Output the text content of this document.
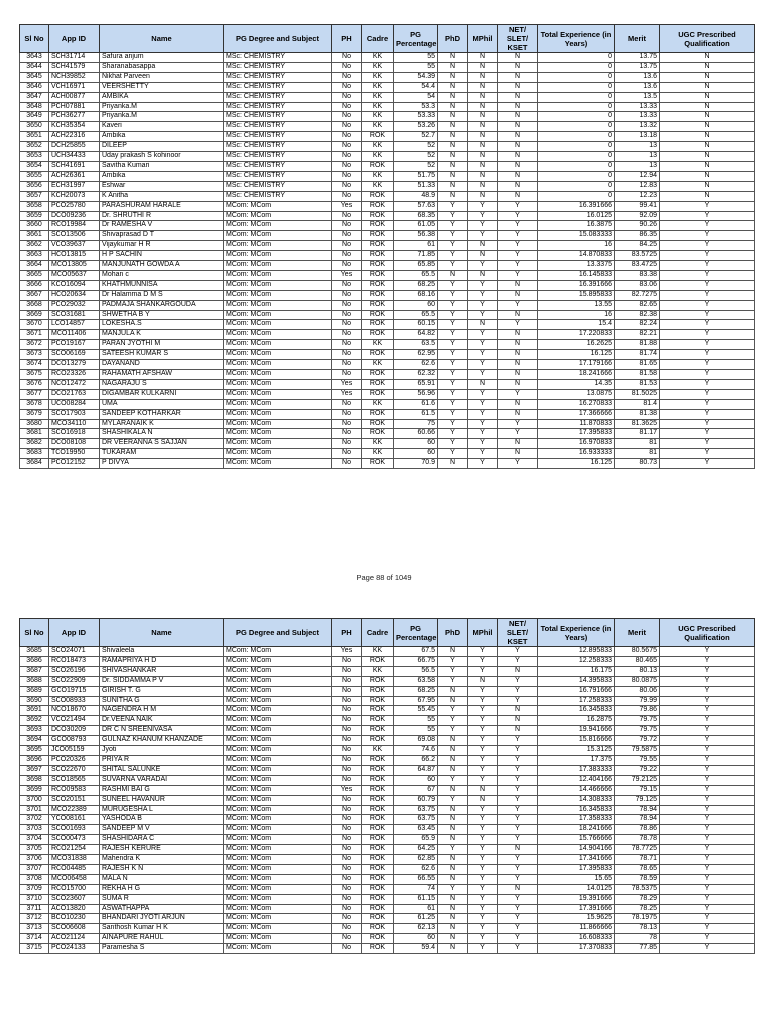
Sl No	App ID	Name	PG Degree and Subject	PH	Cadre	PG Percentage	PhD	MPhil	NET/ SLET/ KSET	Total Experience (in Years)	Merit	UGC Prescribed Qualification
3643	SCH31714	Safura anjum	MSc: CHEMISTRY	No	KK	55	N	N	N	0	13.75	N
3644	SCH41579	Sharanabasappa	MSc: CHEMISTRY	No	KK	55	N	N	N	0	13.75	N
3645	NCH39852	Nikhat Parveen	MSc: CHEMISTRY	No	KK	54.39	N	N	N	0	13.6	N
3646	VCH16971	VEERSHETTY	MSc: CHEMISTRY	No	KK	54.4	N	N	N	0	13.6	N
3647	ACH00877	AMBIKA	MSc: CHEMISTRY	No	KK	54	N	N	N	0	13.5	N
3648	PCH07881	Priyanka.M	MSc: CHEMISTRY	No	KK	53.3	N	N	N	0	13.33	N
3649	PCH36277	Priyanka.M	MSc: CHEMISTRY	No	KK	53.33	N	N	N	0	13.33	N
3650	KCH35354	Kaveri	MSc: CHEMISTRY	No	KK	53.26	N	N	N	0	13.32	N
3651	ACH22316	Ambika	MSc: CHEMISTRY	No	ROK	52.7	N	N	N	0	13.18	N
3652	DCH25855	DILEEP	MSc: CHEMISTRY	No	KK	52	N	N	N	0	13	N
3653	UCH34433	Uday prakash S kohinoor	MSc: CHEMISTRY	No	KK	52	N	N	N	0	13	N
3654	SCH41691	Savitha Kumari	MSc: CHEMISTRY	No	ROK	52	N	N	N	0	13	N
3655	ACH26361	Ambika	MSc: CHEMISTRY	No	KK	51.75	N	N	N	0	12.94	N
3656	ECH31997	Eshwar	MSc: CHEMISTRY	No	KK	51.33	N	N	N	0	12.83	N
3657	KCH20073	K Anitha	MSc: CHEMISTRY	No	ROK	48.9	N	N	N	0	12.23	N
3658	PCO25780	PARASHURAM HARALE	MCom: MCom	Yes	ROK	57.63	Y	Y	Y	16.391666	99.41	Y
3659	DCO09236	Dr. SHRUTHI R	MCom: MCom	No	ROK	68.35	Y	Y	Y	16.0125	92.09	Y
3660	RCO19984	Dr RAMESHA V	MCom: MCom	No	ROK	61.05	Y	Y	Y	16.3875	90.26	Y
3661	SCO13506	Shivaprasad D T	MCom: MCom	No	ROK	56.38	Y	Y	Y	15.083333	86.35	Y
3662	VCO39637	Vijaykumar H R	MCom: MCom	No	ROK	61	Y	N	Y	16	84.25	Y
3663	HCO13815	H P SACHIN	MCom: MCom	No	ROK	71.85	Y	N	Y	14.870833	83.5725	Y
3664	MCO13805	MANJUNATH GOWDA A	MCom: MCom	No	ROK	65.85	Y	Y	Y	13.3375	83.4725	Y
3665	MCO05637	Mohan c	MCom: MCom	Yes	ROK	65.5	N	N	Y	16.145833	83.38	Y
3666	KCO16094	KHATHMUNNISA	MCom: MCom	No	ROK	68.25	Y	Y	N	16.391666	83.06	Y
3667	HCO20634	Dr Halamma D M S	MCom: MCom	No	ROK	68.16	Y	Y	N	15.895833	82.7275	Y
3668	PCO29032	PADMAJA SHANKARGOUDA	MCom: MCom	No	ROK	60	Y	Y	Y	13.55	82.65	Y
3669	SCO31681	SHWETHA B Y	MCom: MCom	No	ROK	65.5	Y	Y	N	16	82.38	Y
3670	LCO14857	LOKESHA.S	MCom: MCom	No	ROK	60.15	Y	N	Y	15.4	82.24	Y
3671	MCO11406	MANJULA K	MCom: MCom	No	ROK	64.82	Y	Y	N	17.220833	82.21	Y
3672	PCO19167	PARAN JYOTHI M	MCom: MCom	No	KK	63.5	Y	Y	N	16.2625	81.88	Y
3673	SCO06169	SATEESH KUMAR S	MCom: MCom	No	ROK	62.95	Y	Y	N	16.125	81.74	Y
3674	DCO13279	DAYANAND	MCom: MCom	No	KK	62.6	Y	Y	N	17.179166	81.65	Y
3675	RCO23326	RAHAMATH AFSHAW	MCom: MCom	No	ROK	62.32	Y	Y	N	18.241666	81.58	Y
3676	NCO12472	NAGARAJU S	MCom: MCom	Yes	ROK	65.91	Y	N	N	14.35	81.53	Y
3677	DCO21763	DIGAMBAR KULKARNI	MCom: MCom	Yes	ROK	56.96	Y	Y	Y	13.0875	81.5025	Y
3678	UCO08284	UMA	MCom: MCom	No	KK	61.6	Y	Y	N	16.270833	81.4	Y
3679	SCO17903	SANDEEP KOTHARKAR	MCom: MCom	No	ROK	61.5	Y	Y	N	17.366666	81.38	Y
3680	MCO34110	MYLARANAIK K	MCom: MCom	No	ROK	75	Y	Y	Y	11.870833	81.3625	Y
3681	SCO16918	SHASHIKALA N	MCom: MCom	No	ROK	60.66	Y	Y	Y	17.395833	81.17	Y
3682	DCO08108	DR VEERANNA S SAJJAN	MCom: MCom	No	KK	60	Y	Y	N	16.970833	81	Y
3683	TCO19950	TUKARAM	MCom: MCom	No	KK	60	Y	Y	N	16.933333	81	Y
3684	PCO12152	P DIVYA	MCom: MCom	No	ROK	70.9	N	Y	Y	16.125	80.73	Y
Page 88 of 1049
Sl No	App ID	Name	PG Degree and Subject	PH	Cadre	PG Percentage	PhD	MPhil	NET/ SLET/ KSET	Total Experience (in Years)	Merit	UGC Prescribed Qualification
3685	SCO24071	Shivaleela	MCom: MCom	Yes	KK	67.5	N	Y	Y	12.895833	80.5675	Y
3686	RCO18473	RAMAPRIYA H D	MCom: MCom	No	ROK	66.75	Y	Y	Y	12.258333	80.465	Y
3687	SCO26196	SHIVASHANKAR	MCom: MCom	No	KK	56.5	Y	Y	N	16.175	80.13	Y
3688	SCO22909	Dr. SIDDAMMA P V	MCom: MCom	No	ROK	63.58	Y	N	Y	14.395833	80.0875	Y
3689	GCO19715	GIRISH T. G	MCom: MCom	No	ROK	68.25	N	Y	Y	16.791666	80.06	Y
3690	SCO08933	SUNITHA G	MCom: MCom	No	ROK	67.95	N	Y	Y	17.258333	79.99	Y
3691	NCO18670	NAGENDRA H M	MCom: MCom	No	ROK	55.45	Y	Y	N	16.345833	79.86	Y
3692	VCO21494	Dr.VEENA NAIK	MCom: MCom	No	ROK	55	Y	Y	N	16.2875	79.75	Y
3693	DCO30209	DR C N SREENIVASA	MCom: MCom	No	ROK	55	Y	Y	N	19.941666	79.75	Y
3694	GCO08793	GULNAZ KHANUM KHANZADE	MCom: MCom	No	ROK	69.08	N	Y	Y	15.816666	79.72	Y
3695	JCO05159	Jyoti	MCom: MCom	No	KK	74.6	N	Y	Y	15.3125	79.5875	Y
3696	PCO20326	PRIYA R	MCom: MCom	No	ROK	66.2	N	Y	Y	17.375	79.55	Y
3697	SCO22670	SHITAL SALUNKE	MCom: MCom	No	ROK	64.87	N	Y	Y	17.383333	79.22	Y
3698	SCO18565	SUVARNA VARADAI	MCom: MCom	No	ROK	60	Y	Y	Y	12.404166	79.2125	Y
3699	RCO09583	RASHMI BAI G	MCom: MCom	Yes	ROK	67	N	N	Y	14.466666	79.15	Y
3700	SCO20151	SUNEEL HAVANUR	MCom: MCom	No	ROK	60.79	Y	N	Y	14.308333	79.125	Y
3701	MCO22389	MURUGESHA L	MCom: MCom	No	ROK	63.75	N	Y	Y	16.345833	78.94	Y
3702	YCO08161	YASHODA B	MCom: MCom	No	ROK	63.75	N	Y	Y	17.358333	78.94	Y
3703	SCO01693	SANDEEP M V	MCom: MCom	No	ROK	63.45	N	Y	Y	18.241666	78.86	Y
3704	SCO00473	SHASHIDARA C	MCom: MCom	No	ROK	65.9	N	Y	Y	15.766666	78.78	Y
3705	RCO21254	RAJESH KERURE	MCom: MCom	No	ROK	64.25	Y	Y	N	14.904166	78.7725	Y
3706	MCO31838	Mahendra K	MCom: MCom	No	ROK	62.85	N	Y	Y	17.341666	78.71	Y
3707	RCO04485	RAJESH K N	MCom: MCom	No	ROK	62.6	N	Y	Y	17.395833	78.65	Y
3708	MCO06458	MALA N	MCom: MCom	No	ROK	66.55	N	Y	Y	15.65	78.59	Y
3709	RCO15700	REKHA H G	MCom: MCom	No	ROK	74	Y	Y	N	14.0125	78.5375	Y
3710	SCO23607	SUMA R	MCom: MCom	No	ROK	61.15	N	Y	Y	19.391666	78.29	Y
3711	ACO13820	ASWATHAPPA	MCom: MCom	No	ROK	61	N	Y	Y	17.391666	78.25	Y
3712	BCO10230	BHANDARI JYOTI ARJUN	MCom: MCom	No	ROK	61.25	N	Y	Y	15.9625	78.1975	Y
3713	SCO06608	Santhosh Kumar H K	MCom: MCom	No	ROK	62.13	N	Y	Y	11.866666	78.13	Y
3714	ACO21124	AINAPURE RAHUL	MCom: MCom	No	ROK	60	N	Y	Y	16.608333	78	Y
3715	PCO24133	Paramesha S	MCom: MCom	No	ROK	59.4	N	Y	Y	17.370833	77.85	Y
